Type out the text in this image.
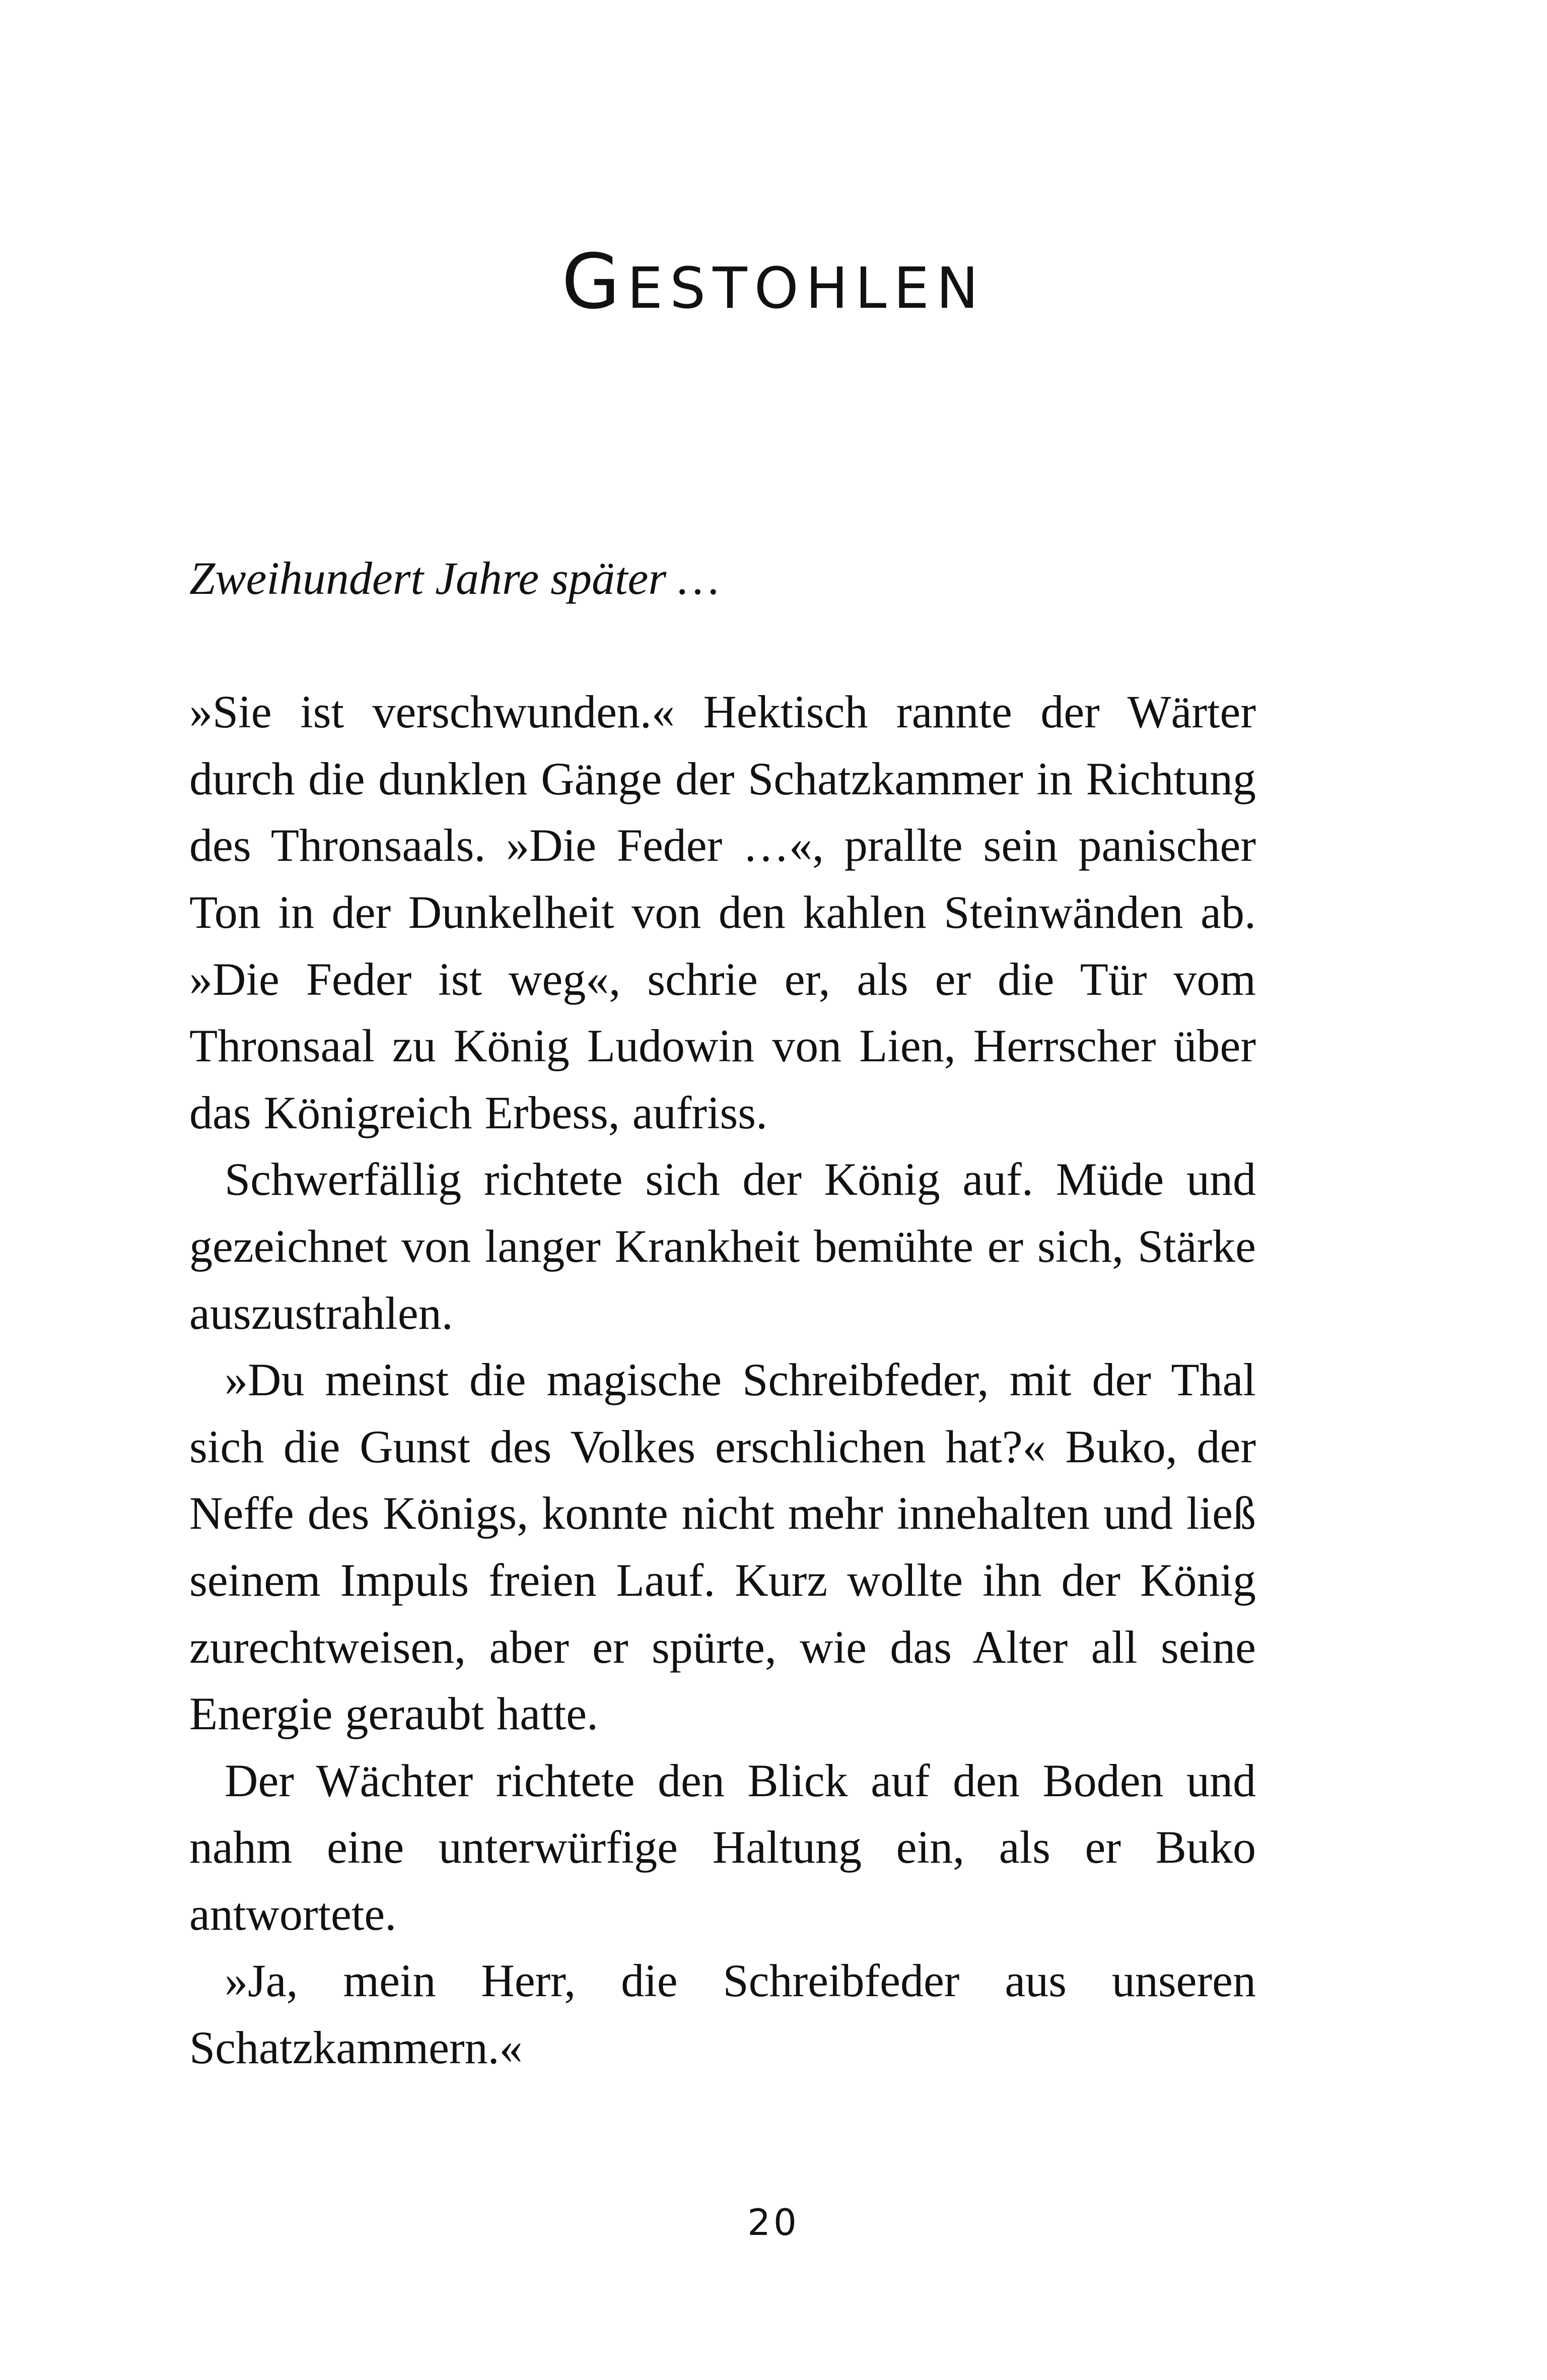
GESTOHLEN

Zweihundert Jahre später …

»Sie ist verschwunden.« Hektisch rannte der Wärter durch die dunklen Gänge der Schatzkammer in Richtung des Thronsaals. »Die Feder …«, prallte sein panischer Ton in der Dunkelheit von den kahlen Steinwänden ab. »Die Feder ist weg«, schrie er, als er die Tür vom Thronsaal zu König Ludowin von Lien, Herrscher über das Königreich Erbess, aufriss.

Schwerfällig richtete sich der König auf. Müde und gezeichnet von langer Krankheit bemühte er sich, Stärke auszustrahlen.

»Du meinst die magische Schreibfeder, mit der Thal sich die Gunst des Volkes erschlichen hat?« Buko, der Neffe des Königs, konnte nicht mehr innehalten und ließ seinem Impuls freien Lauf. Kurz wollte ihn der König zurechtweisen, aber er spürte, wie das Alter all seine Energie geraubt hatte.

Der Wächter richtete den Blick auf den Boden und nahm eine unterwürfige Haltung ein, als er Buko antwortete.

»Ja, mein Herr, die Schreibfeder aus unseren Schatzkammern.«

20
